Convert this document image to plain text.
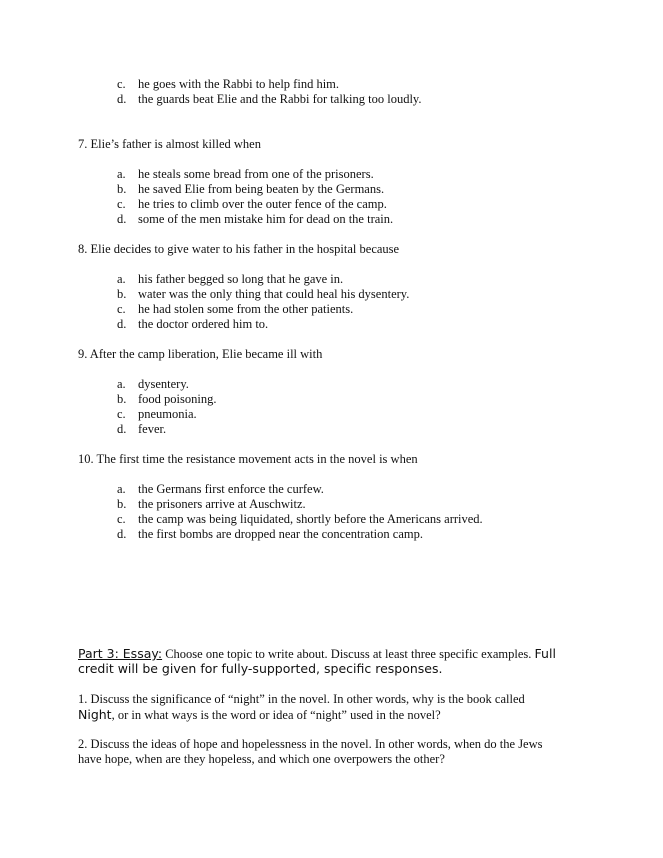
c. he goes with the Rabbi to help find him.
d. the guards beat Elie and the Rabbi for talking too loudly.
7. Elie’s father is almost killed when
a. he steals some bread from one of the prisoners.
b. he saved Elie from being beaten by the Germans.
c. he tries to climb over the outer fence of the camp.
d. some of the men mistake him for dead on the train.
8. Elie decides to give water to his father in the hospital because
a. his father begged so long that he gave in.
b. water was the only thing that could heal his dysentery.
c. he had stolen some from the other patients.
d. the doctor ordered him to.
9. After the camp liberation, Elie became ill with
a. dysentery.
b. food poisoning.
c. pneumonia.
d. fever.
10. The first time the resistance movement acts in the novel is when
a. the Germans first enforce the curfew.
b. the prisoners arrive at Auschwitz.
c. the camp was being liquidated, shortly before the Americans arrived.
d. the first bombs are dropped near the concentration camp.
Part 3: Essay: Choose one topic to write about. Discuss at least three specific examples. Full
credit will be given for fully-supported, specific responses.
1. Discuss the significance of “night” in the novel. In other words, why is the book called
Night, or in what ways is the word or idea of “night” used in the novel?
2. Discuss the ideas of hope and hopelessness in the novel. In other words, when do the Jews
have hope, when are they hopeless, and which one overpowers the other?
